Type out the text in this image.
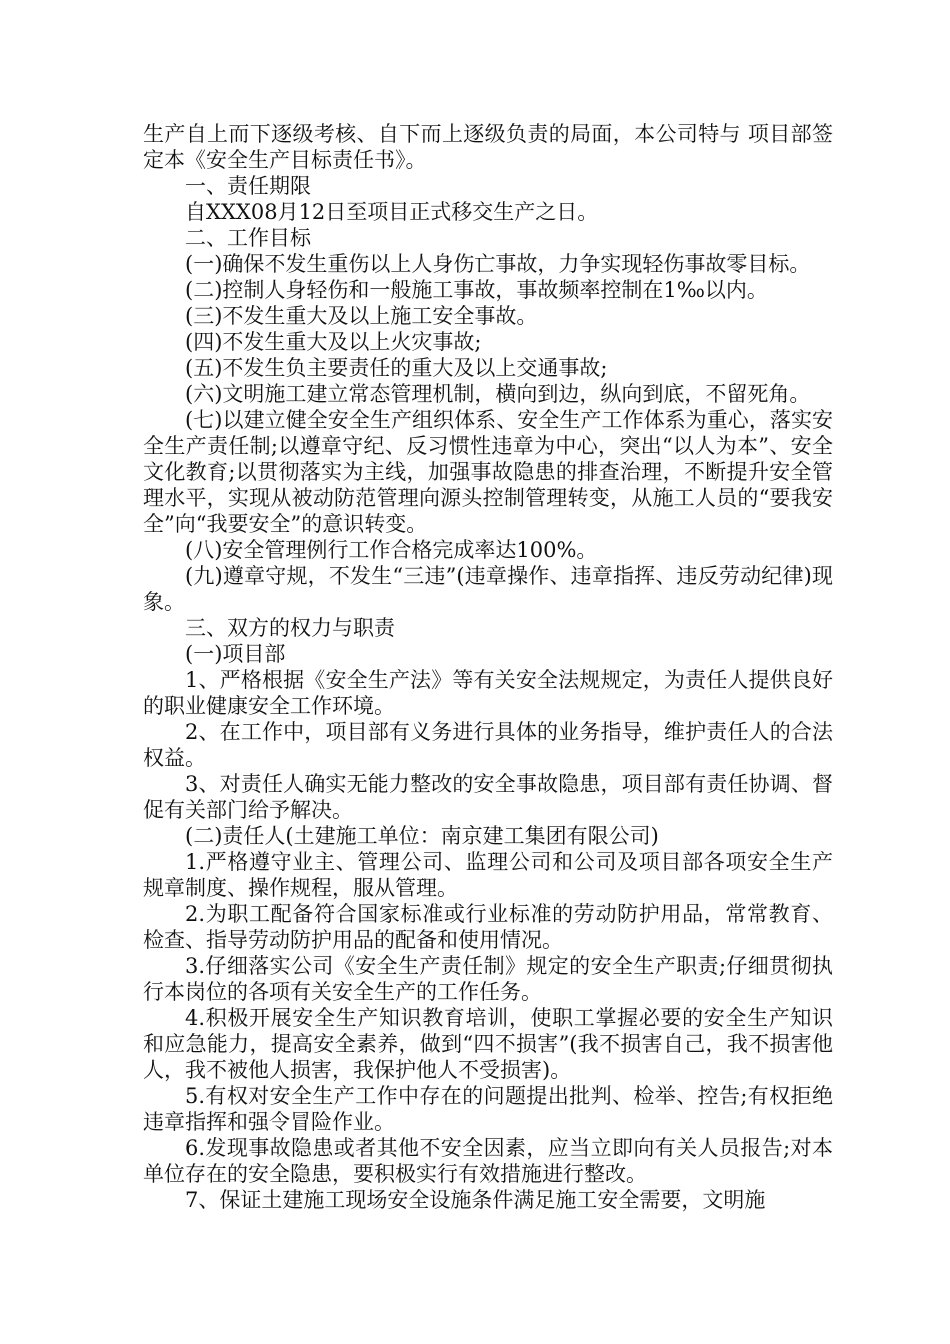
生产自上而下逐级考核、自下而上逐级负责的局面，本公司特与 项目部签定本《安全生产目标责任书》。

一、责任期限

自XXX08月12日至项目正式移交生产之日。

二、工作目标

(一)确保不发生重伤以上人身伤亡事故，力争实现轻伤事故零目标。

(二)控制人身轻伤和一般施工事故，事故频率控制在1‰以内。

(三)不发生重大及以上施工安全事故。

(四)不发生重大及以上火灾事故;

(五)不发生负主要责任的重大及以上交通事故;

(六)文明施工建立常态管理机制，横向到边，纵向到底，不留死角。

(七)以建立健全安全生产组织体系、安全生产工作体系为重心，落实安全生产责任制;以遵章守纪、反习惯性违章为中心，突出“以人为本”、安全文化教育;以贯彻落实为主线，加强事故隐患的排查治理，不断提升安全管理水平，实现从被动防范管理向源头控制管理转变，从施工人员的“要我安全”向“我要安全”的意识转变。

(八)安全管理例行工作合格完成率达100%。

(九)遵章守规，不发生“三违”(违章操作、违章指挥、违反劳动纪律)现象。

三、双方的权力与职责

(一)项目部

1、严格根据《安全生产法》等有关安全法规规定，为责任人提供良好的职业健康安全工作环境。

2、在工作中，项目部有义务进行具体的业务指导，维护责任人的合法权益。

3、对责任人确实无能力整改的安全事故隐患，项目部有责任协调、督促有关部门给予解决。

(二)责任人(土建施工单位：南京建工集团有限公司)

1.严格遵守业主、管理公司、监理公司和公司及项目部各项安全生产规章制度、操作规程，服从管理。

2.为职工配备符合国家标准或行业标准的劳动防护用品，常常教育、检查、指导劳动防护用品的配备和使用情况。

3.仔细落实公司《安全生产责任制》规定的安全生产职责;仔细贯彻执行本岗位的各项有关安全生产的工作任务。

4.积极开展安全生产知识教育培训，使职工掌握必要的安全生产知识和应急能力，提高安全素养，做到“四不损害”(我不损害自己，我不损害他人，我不被他人损害，我保护他人不受损害)。

5.有权对安全生产工作中存在的问题提出批判、检举、控告;有权拒绝违章指挥和强令冒险作业。

6.发现事故隐患或者其他不安全因素，应当立即向有关人员报告;对本单位存在的安全隐患，要积极实行有效措施进行整改。

7、保证土建施工现场安全设施条件满足施工安全需要，文明施
